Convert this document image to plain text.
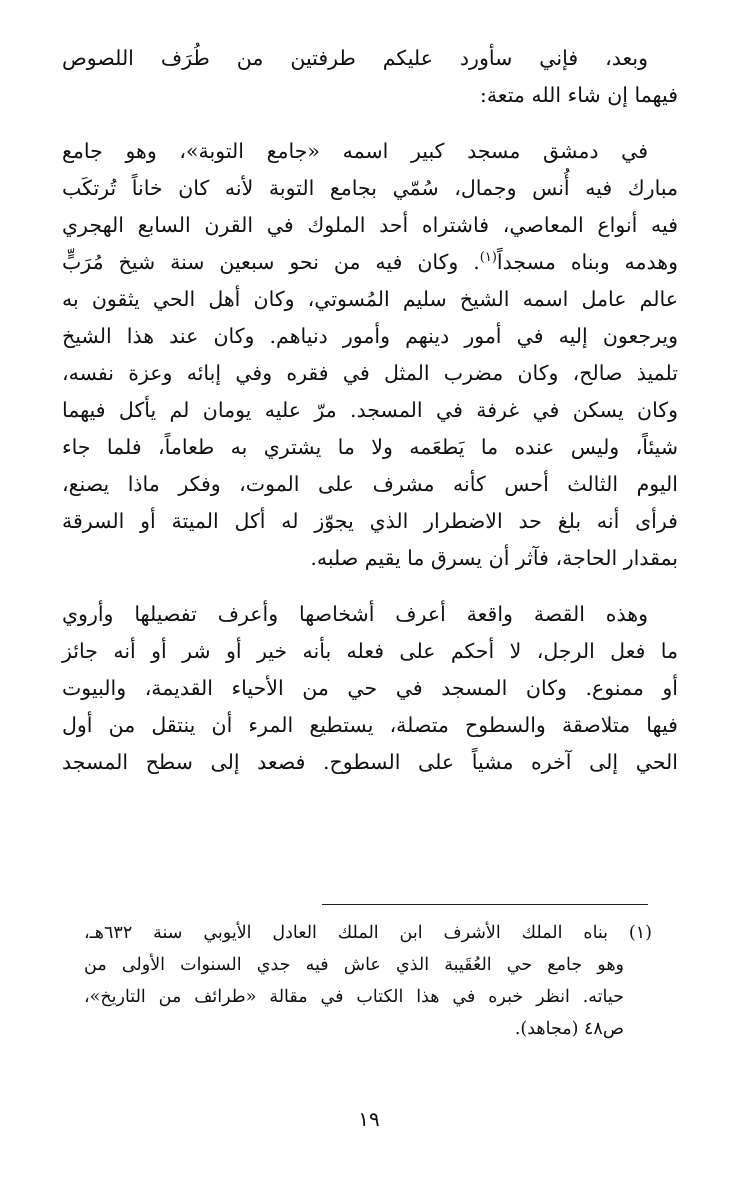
وبعد، فإني سأورد عليكم طرفتين من طُرَف اللصوص
فيهما إن شاء الله متعة:

في دمشق مسجد كبير اسمه «جامع التوبة»، وهو جامع
مبارك فيه أُنس وجمال، سُمّي بجامع التوبة لأنه كان خاناً تُرتكَب
فيه أنواع المعاصي، فاشتراه أحد الملوك في القرن السابع الهجري
وهدمه وبناه مسجداً$^{(١)}$. وكان فيه من نحو سبعين سنة شيخ مُرَبٍّ
عالم عامل اسمه الشيخ سليم المُسوتي، وكان أهل الحي يثقون به
ويرجعون إليه في أمور دينهم وأمور دنياهم. وكان عند هذا الشيخ
تلميذ صالح، وكان مضرب المثل في فقره وفي إبائه وعزة نفسه،
وكان يسكن في غرفة في المسجد. مرّ عليه يومان لم يأكل فيهما
شيئاً، وليس عنده ما يَطعَمه ولا ما يشتري به طعاماً، فلما جاء
اليوم الثالث أحس كأنه مشرف على الموت، وفكر ماذا يصنع،
فرأى أنه بلغ حد الاضطرار الذي يجوّز له أكل الميتة أو السرقة
بمقدار الحاجة، فآثر أن يسرق ما يقيم صلبه.

وهذه القصة واقعة أعرف أشخاصها وأعرف تفصيلها وأروي
ما فعل الرجل، لا أحكم على فعله بأنه خير أو شر أو أنه جائز
أو ممنوع. وكان المسجد في حي من الأحياء القديمة، والبيوت
فيها متلاصقة والسطوح متصلة، يستطيع المرء أن ينتقل من أول
الحي إلى آخره مشياً على السطوح. فصعد إلى سطح المسجد

(١) بناه الملك الأشرف ابن الملك العادل الأيوبي سنة ٦٣٢هـ،
وهو جامع حي العُقَيبة الذي عاش فيه جدي السنوات الأولى من
حياته. انظر خبره في هذا الكتاب في مقالة «طرائف من التاريخ»،
ص٤٨ (مجاهد).
١٩
